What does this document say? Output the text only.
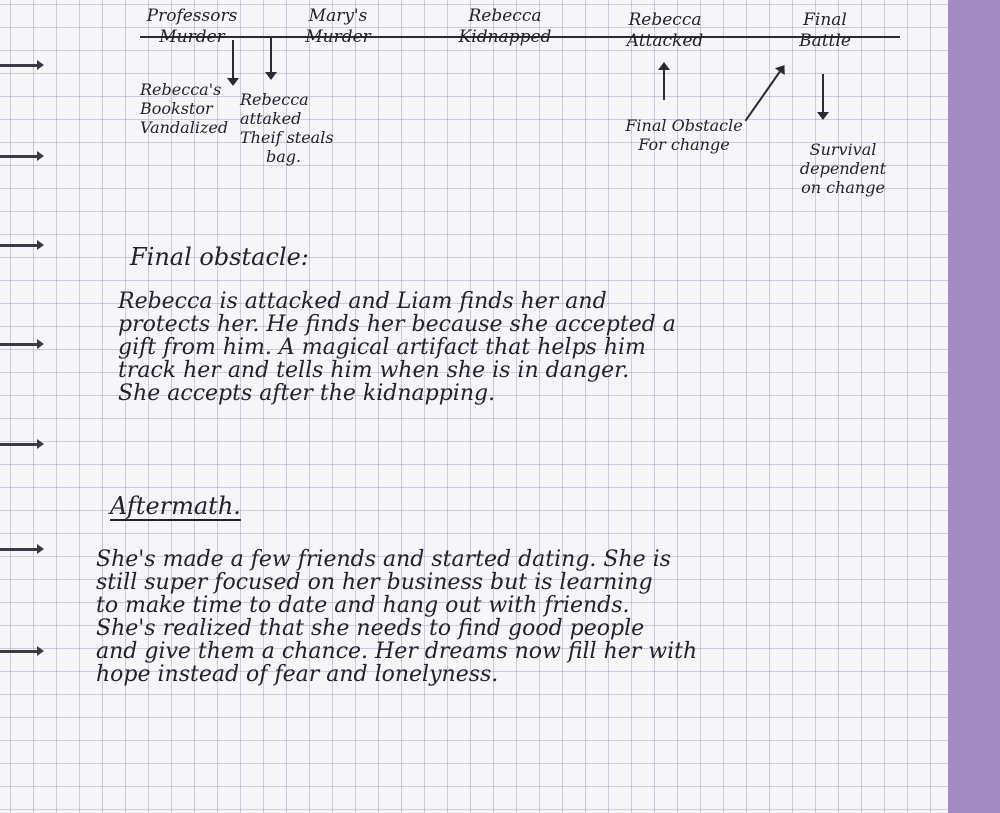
Professors
Murder
Mary's
Murder
Rebecca
Kidnapped
Rebecca
Attacked
Final
Battle
Rebecca's
Bookstor
Vandalized
Rebecca
attaked
Theif steals
bag.
Final Obstacle
For change	Survival
dependent
on change
Final obstacle:
Rebecca is attacked and Liam finds her and
protects her. He finds her because she accepted a
gift from him. A magical artifact that helps him
track her and tells him when she is in danger.
She accepts after the kidnapping.
Aftermath.
She's made a few friends and started dating. She is
still super focused on her business but is learning
to make time to date and hang out with friends.
She's realized that she needs to find good people
and give them a chance. Her dreams now fill her with
hope instead of fear and lonelyness.
